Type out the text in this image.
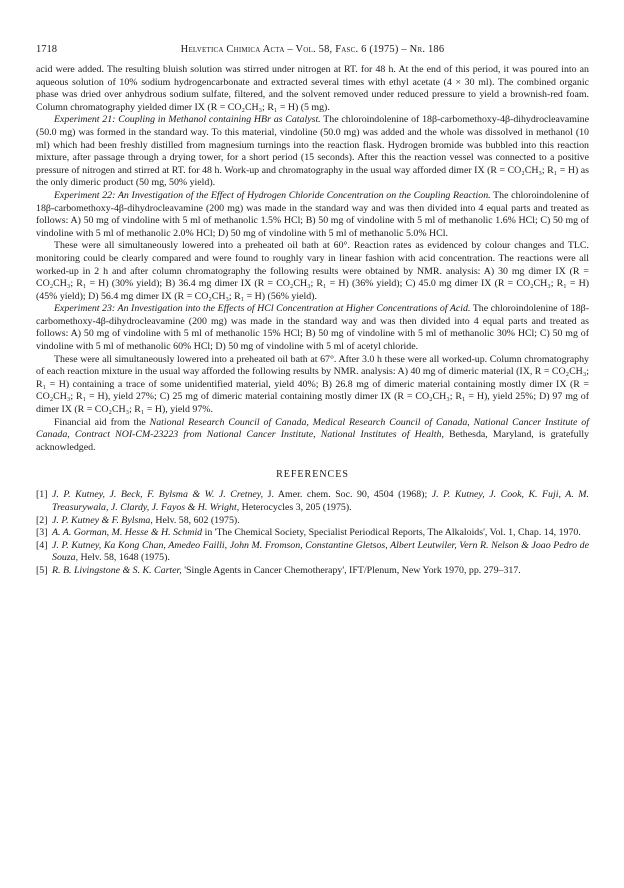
1718	Helvetica Chimica Acta – Vol. 58, Fasc. 6 (1975) – Nr. 186

acid were added. The resulting bluish solution was stirred under nitrogen at RT. for 48 h. At the end of this period, it was poured into an aqueous solution of 10% sodium hydrogencarbonate and extracted several times with ethyl acetate (4 × 30 ml). The combined organic phase was dried over anhydrous sodium sulfate, filtered, and the solvent removed under reduced pressure to yield a brownish-red foam. Column chromatography yielded dimer IX (R = CO₂CH₃; R₁ = H) (5 mg).

Experiment 21: Coupling in Methanol containing HBr as Catalyst. The chloroindolenine of 18β-carbomethoxy-4β-dihydrocleavamine (50.0 mg) was formed in the standard way. To this material, vindoline (50.0 mg) was added and the whole was dissolved in methanol (10 ml) which had been freshly distilled from magnesium turnings into the reaction flask. Hydrogen bromide was bubbled into this reaction mixture, after passage through a drying tower, for a short period (15 seconds). After this the reaction vessel was connected to a positive pressure of nitrogen and stirred at RT. for 48 h. Work-up and chromatography in the usual way afforded dimer IX (R = CO₂CH₃; R₁ = H) as the only dimeric product (50 mg, 50% yield).

Experiment 22: An Investigation of the Effect of Hydrogen Chloride Concentration on the Coupling Reaction. The chloroindolenine of 18β-carbomethoxy-4β-dihydrocleavamine (200 mg) was made in the standard way and was then divided into 4 equal parts and treated as follows: A) 50 mg of vindoline with 5 ml of methanolic 1.5% HCl; B) 50 mg of vindoline with 5 ml of methanolic 1.6% HCl; C) 50 mg of vindoline with 5 ml of methanolic 2.0% HCl; D) 50 mg of vindoline with 5 ml of methanolic 5.0% HCl.

These were all simultaneously lowered into a preheated oil bath at 60°. Reaction rates as evidenced by colour changes and TLC. monitoring could be clearly compared and were found to roughly vary in linear fashion with acid concentration. The reactions were all worked-up in 2 h and after column chromatography the following results were obtained by NMR. analysis: A) 30 mg dimer IX (R = CO₂CH₃; R₁ = H) (30% yield); B) 36.4 mg dimer IX (R = CO₂CH₃; R₁ = H) (36% yield); C) 45.0 mg dimer IX (R = CO₂CH₃; R₁ = H) (45% yield); D) 56.4 mg dimer IX (R = CO₂CH₃; R₁ = H) (56% yield).

Experiment 23: An Investigation into the Effects of HCl Concentration at Higher Concentrations of Acid. The chloroindolenine of 18β-carbomethoxy-4β-dihydrocleavamine (200 mg) was made in the standard way and was then divided into 4 equal parts and treated as follows: A) 50 mg of vindoline with 5 ml of methanolic 15% HCl; B) 50 mg of vindoline with 5 ml of methanolic 30% HCl; C) 50 mg of vindoline with 5 ml of methanolic 60% HCl; D) 50 mg of vindoline with 5 ml of acetyl chloride.

These were all simultaneously lowered into a preheated oil bath at 67°. After 3.0 h these were all worked-up. Column chromatography of each reaction mixture in the usual way afforded the following results by NMR. analysis: A) 40 mg of dimeric material (IX, R = CO₂CH₃; R₁ = H) containing a trace of some unidentified material, yield 40%; B) 26.8 mg of dimeric material containing mostly dimer IX (R = CO₂CH₃; R₁ = H), yield 27%; C) 25 mg of dimeric material containing mostly dimer IX (R = CO₂CH₃; R₁ = H), yield 25%; D) 97 mg of dimer IX (R = CO₂CH₃; R₁ = H), yield 97%.

Financial aid from the National Research Council of Canada, Medical Research Council of Canada, National Cancer Institute of Canada, Contract NOI-CM-23223 from National Cancer Institute, National Institutes of Health, Bethesda, Maryland, is gratefully acknowledged.

REFERENCES
[1] J. P. Kutney, J. Beck, F. Bylsma & W. J. Cretney, J. Amer. chem. Soc. 90, 4504 (1968); J. P. Kutney, J. Cook, K. Fuji, A. M. Treasurywala, J. Clardy, J. Fayos & H. Wright, Heterocycles 3, 205 (1975).
[2] J. P. Kutney & F. Bylsma, Helv. 58, 602 (1975).
[3] A. A. Gorman, M. Hesse & H. Schmid in 'The Chemical Society, Specialist Periodical Reports, The Alkaloids', Vol. 1, Chap. 14, 1970.
[4] J. P. Kutney, Ka Kong Chan, Amedeo Failli, John M. Fromson, Constantine Gletsos, Albert Leutwiler, Vern R. Nelson & Joao Pedro de Souza, Helv. 58, 1648 (1975).
[5] R. B. Livingstone & S. K. Carter, 'Single Agents in Cancer Chemotherapy', IFT/Plenum, New York 1970, pp. 279–317.
